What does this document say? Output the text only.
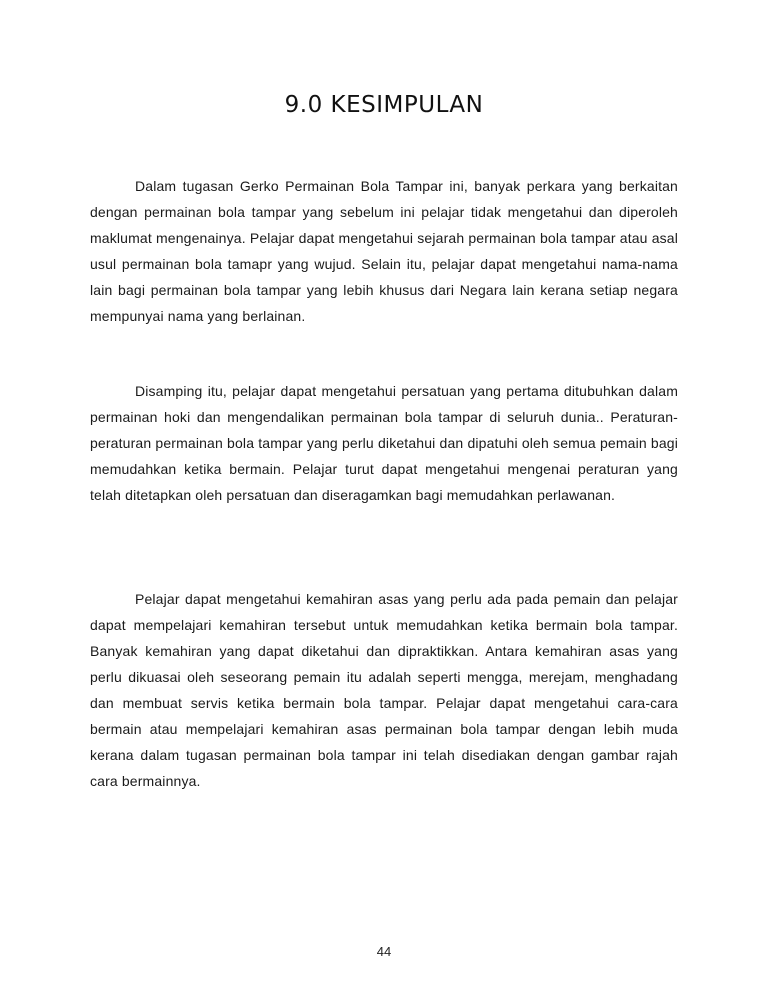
9.0 KESIMPULAN

Dalam tugasan Gerko Permainan Bola Tampar ini, banyak perkara yang berkaitan dengan permainan bola tampar yang sebelum ini pelajar tidak mengetahui dan diperoleh maklumat mengenainya. Pelajar dapat mengetahui sejarah permainan bola tampar atau asal usul permainan bola tamapr yang wujud. Selain itu, pelajar dapat mengetahui nama-nama lain bagi permainan bola tampar yang lebih khusus dari Negara lain kerana setiap negara mempunyai nama yang berlainan.

Disamping itu, pelajar dapat mengetahui persatuan yang pertama ditubuhkan dalam permainan hoki dan mengendalikan permainan bola tampar di seluruh dunia.. Peraturan-peraturan permainan bola tampar yang perlu diketahui dan dipatuhi oleh semua pemain bagi memudahkan ketika bermain. Pelajar turut dapat mengetahui mengenai peraturan yang telah ditetapkan oleh persatuan dan diseragamkan bagi memudahkan perlawanan.

Pelajar dapat mengetahui kemahiran asas yang perlu ada pada pemain dan pelajar dapat mempelajari kemahiran tersebut untuk memudahkan ketika bermain bola tampar. Banyak kemahiran yang dapat diketahui dan dipraktikkan. Antara kemahiran asas yang perlu dikuasai oleh seseorang pemain itu adalah seperti mengga, merejam, menghadang dan membuat servis ketika bermain bola tampar. Pelajar dapat mengetahui cara-cara bermain atau mempelajari kemahiran asas permainan bola tampar dengan lebih muda kerana dalam tugasan permainan bola tampar ini telah disediakan dengan gambar rajah cara bermainnya.

44
